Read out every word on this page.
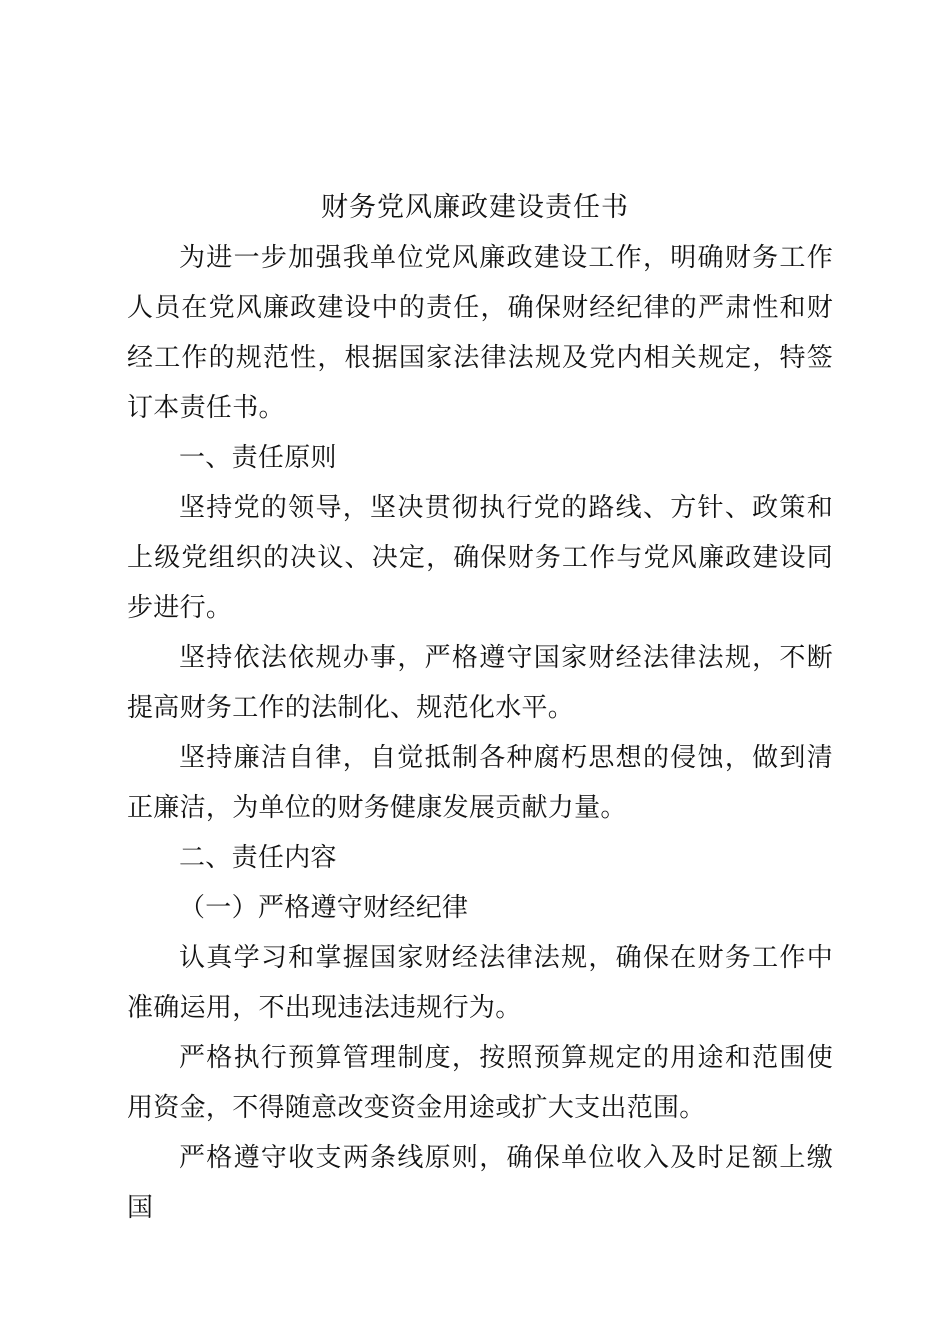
财务党风廉政建设责任书

为进一步加强我单位党风廉政建设工作，明确财务工作人员在党风廉政建设中的责任，确保财经纪律的严肃性和财经工作的规范性，根据国家法律法规及党内相关规定，特签订本责任书。

一、责任原则

坚持党的领导，坚决贯彻执行党的路线、方针、政策和上级党组织的决议、决定，确保财务工作与党风廉政建设同步进行。

坚持依法依规办事，严格遵守国家财经法律法规，不断提高财务工作的法制化、规范化水平。

坚持廉洁自律，自觉抵制各种腐朽思想的侵蚀，做到清正廉洁，为单位的财务健康发展贡献力量。

二、责任内容

（一）严格遵守财经纪律

认真学习和掌握国家财经法律法规，确保在财务工作中准确运用，不出现违法违规行为。

严格执行预算管理制度，按照预算规定的用途和范围使用资金，不得随意改变资金用途或扩大支出范围。

严格遵守收支两条线原则，确保单位收入及时足额上缴国
